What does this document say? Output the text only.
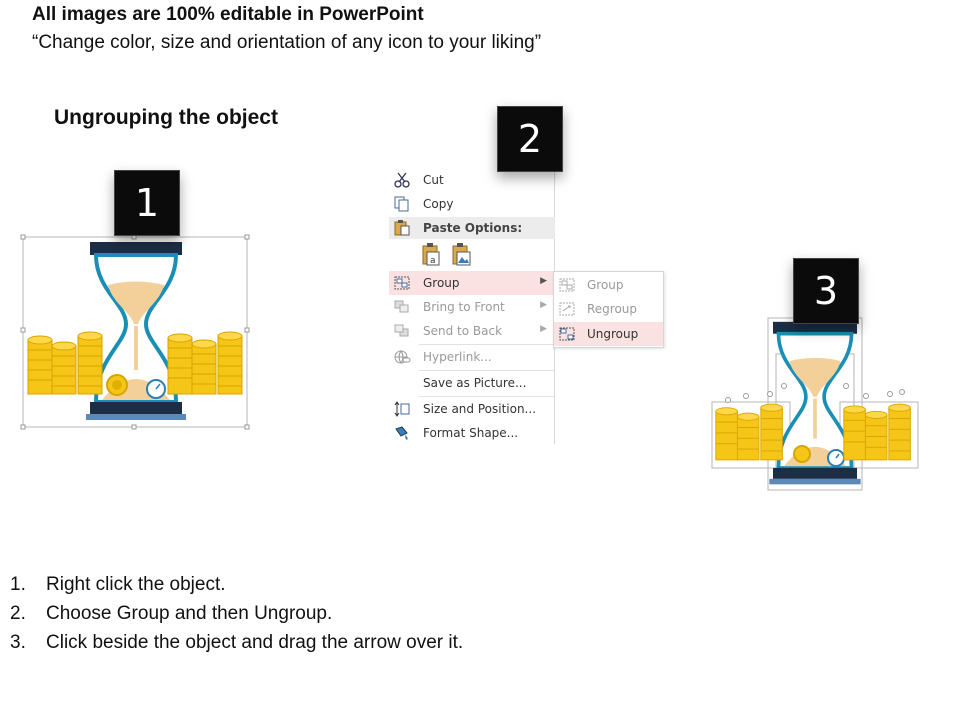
All images are 100% editable in PowerPoint
“Change color, size and orientation of any icon to your liking”
Ungrouping the object
1
Cut
Copy
Paste Options:
a
Group	▶
Bring to Front	▶
Send to Back	▶
Hyperlink...
Save as Picture...
Size and Position...
Format Shape...
Group
Regroup
Ungroup
2
3
1.	Right click the object.
2.	Choose Group and then Ungroup.
3.	Click beside the object and drag the arrow over it.
